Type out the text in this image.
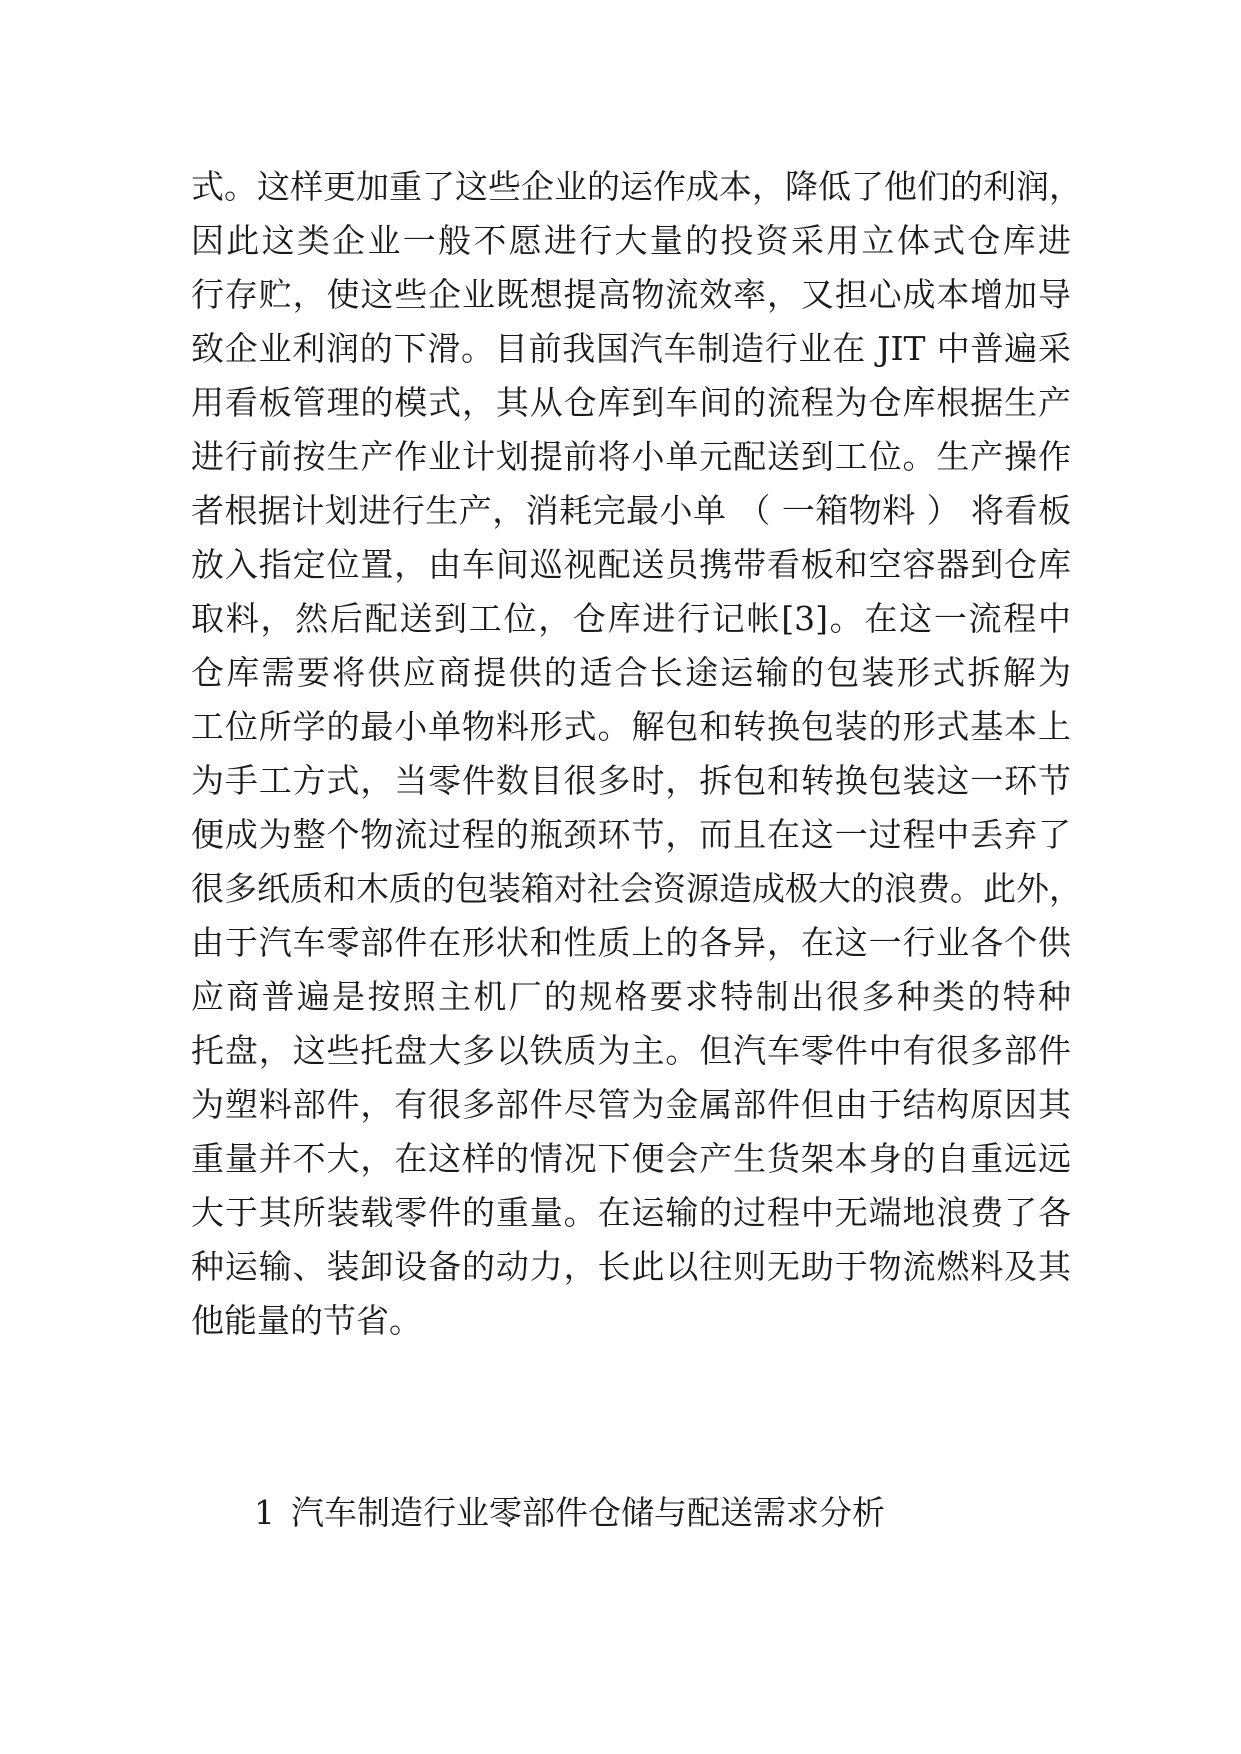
式。这样更加重了这些企业的运作成本，降低了他们的利润，
因此这类企业一般不愿进行大量的投资采用立体式仓库进
行存贮，使这些企业既想提高物流效率，又担心成本增加导
致企业利润的下滑。目前我国汽车制造行业在 JIT 中普遍采
用看板管理的模式，其从仓库到车间的流程为仓库根据生产
进行前按生产作业计划提前将小单元配送到工位。生产操作
者根据计划进行生产，消耗完最小单 （ 一箱物料 ） 将看板
放入指定位置，由车间巡视配送员携带看板和空容器到仓库
取料，然后配送到工位，仓库进行记帐[3]。在这一流程中
仓库需要将供应商提供的适合长途运输的包装形式拆解为
工位所学的最小单物料形式。解包和转换包装的形式基本上
为手工方式，当零件数目很多时，拆包和转换包装这一环节
便成为整个物流过程的瓶颈环节，而且在这一过程中丢弃了
很多纸质和木质的包装箱对社会资源造成极大的浪费。此外，
由于汽车零部件在形状和性质上的各异，在这一行业各个供
应商普遍是按照主机厂的规格要求特制出很多种类的特种
托盘，这些托盘大多以铁质为主。但汽车零件中有很多部件
为塑料部件，有很多部件尽管为金属部件但由于结构原因其
重量并不大，在这样的情况下便会产生货架本身的自重远远
大于其所装载零件的重量。在运输的过程中无端地浪费了各
种运输、装卸设备的动力，长此以往则无助于物流燃料及其
他能量的节省。
1 汽车制造行业零部件仓储与配送需求分析
